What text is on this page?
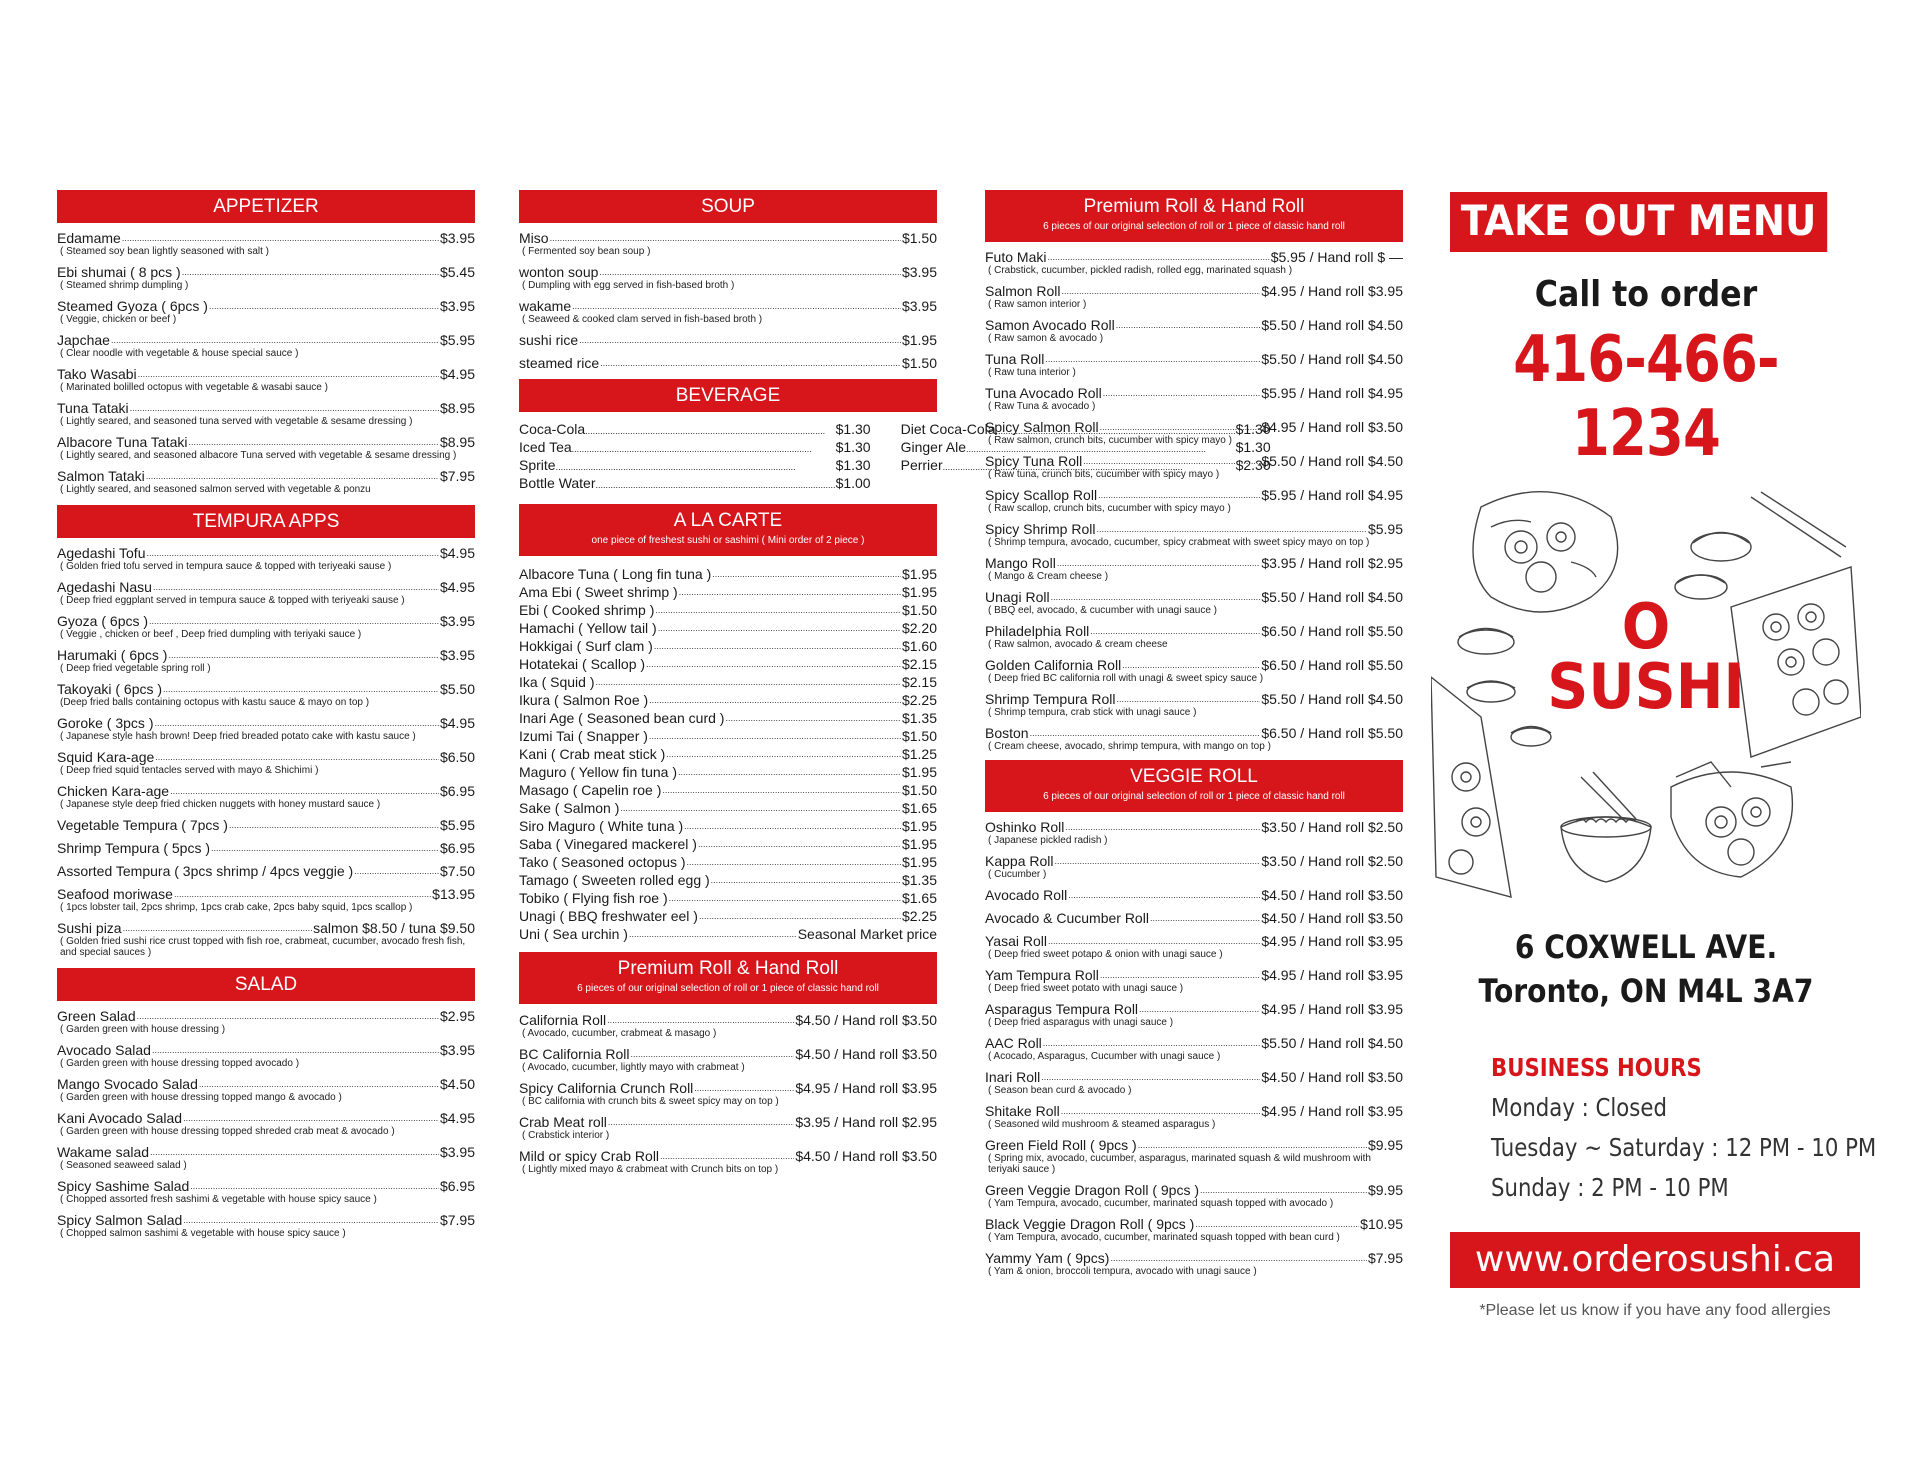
APPETIZER
Edamame .....	$3.95
( Steamed soy bean lightly seasoned with salt )
Ebi shumai ( 8 pcs ) .....	$5.45
( Steamed shrimp dumpling )
Steamed Gyoza ( 6pcs ) .....	$3.95
( Veggie, chicken or beef )
Japchae .....	$5.95
( Clear noodle with vegetable & house special sauce )
Tako Wasabi .....	$4.95
( Marinated bolilled octopus with vegetable & wasabi sauce )
Tuna Tataki .....	$8.95
( Lightly seared, and seasoned tuna served with vegetable & sesame dressing )
Albacore Tuna Tataki .....	$8.95
( Lightly seared, and seasoned albacore Tuna served with vegetable & sesame dressing )
Salmon Tataki .....	$7.95
( Lightly seared, and seasoned salmon served with vegetable & ponzu
TEMPURA APPS
Agedashi Tofu .....	$4.95
( Golden fried tofu served in tempura sauce & topped with teriyeaki sause )
Agedashi Nasu .....	$4.95
( Deep fried eggplant served in tempura sauce & topped with teriyeaki sause )
Gyoza ( 6pcs ) .....	$3.95
( Veggie , chicken or beef , Deep fried dumpling with teriyaki sauce )
Harumaki ( 6pcs ) .....	$3.95
( Deep fried vegetable spring roll )
Takoyaki ( 6pcs ) .....	$5.50
(Deep fried balls containing octopus with kastu sauce & mayo on top )
Goroke ( 3pcs ) .....	$4.95
( Japanese style hash brown! Deep fried breaded potato cake with kastu sauce )
Squid Kara-age .....	$6.50
( Deep fried squid tentacles served with mayo & Shichimi )
Chicken Kara-age .....	$6.95
( Japanese style deep fried chicken nuggets with honey mustard sauce )
Vegetable Tempura ( 7pcs ) .....	$5.95
Shrimp Tempura ( 5pcs ) .....	$6.95
Assorted Tempura ( 3pcs shrimp / 4pcs veggie ) .....	$7.50
Seafood moriwase .....	$13.95
( 1pcs lobster tail, 2pcs shrimp, 1pcs crab cake, 2pcs baby squid, 1pcs scallop )
Sushi piza .....	salmon $8.50 / tuna $9.50
( Golden fried sushi rice crust topped with fish roe, crabmeat, cucumber, avocado fresh fish, and special sauces )
SALAD
Green Salad .....	$2.95
( Garden green with house dressing )
Avocado Salad .....	$3.95
( Garden green with house dressing topped avocado )
Mango Svocado Salad .....	$4.50
( Garden green with house dressing topped mango & avocado )
Kani Avocado Salad .....	$4.95
( Garden green with house dressing topped shreded crab meat & avocado )
Wakame salad .....	$3.95
( Seasoned seaweed salad )
Spicy Sashime Salad .....	$6.95
( Chopped assorted fresh sashimi & vegetable with house spicy sauce )
Spicy Salmon Salad .....	$7.95
( Chopped salmon sashimi & vegetable with house spicy sauce )
SOUP
Miso .....	$1.50
( Fermented soy bean soup )
wonton soup .....	$3.95
( Dumpling with egg served in fish-based broth )
wakame .....	$3.95
( Seaweed & cooked clam served in fish-based broth )
sushi rice .....	$1.95
steamed rice .....	$1.50
BEVERAGE
Coca-Cola .....	$1.30
Iced Tea .....	$1.30
Sprite .....	$1.30
Bottle Water .....	$1.00
Diet Coca-Cola .....	$1.30
Ginger Ale .....	$1.30
Perrier .....	$2.30
A LA CARTE
one piece of freshest sushi or sashimi ( Mini order of 2 piece )
Albacore Tuna ( Long fin tuna ) .....	$1.95
Ama Ebi ( Sweet shrimp ) .....	$1.95
Ebi ( Cooked shrimp ) .....	$1.50
Hamachi ( Yellow tail ) .....	$2.20
Hokkigai ( Surf clam ) .....	$1.60
Hotatekai ( Scallop ) .....	$2.15
Ika ( Squid ) .....	$2.15
Ikura ( Salmon Roe ) .....	$2.25
Inari Age ( Seasoned bean curd ) .....	$1.35
Izumi Tai ( Snapper ) .....	$1.50
Kani ( Crab meat stick ) .....	$1.25
Maguro ( Yellow fin tuna ) .....	$1.95
Masago ( Capelin roe ) .....	$1.50
Sake ( Salmon ) .....	$1.65
Siro Maguro ( White tuna ) .....	$1.95
Saba ( Vinegared mackerel ) .....	$1.95
Tako ( Seasoned octopus ) .....	$1.95
Tamago ( Sweeten rolled egg ) .....	$1.35
Tobiko ( Flying fish roe ) .....	$1.65
Unagi ( BBQ freshwater eel ) .....	$2.25
Uni ( Sea urchin ) .....	Seasonal Market price
Premium Roll & Hand Roll
6 pieces of our original selection of roll or 1 piece of classic hand roll
California Roll .....	$4.50 / Hand roll $3.50
( Avocado, cucumber, crabmeat & masago )
BC California Roll .....	$4.50 / Hand roll $3.50
( Avocado, cucumber, lightly mayo with crabmeat )
Spicy California Crunch Roll .....	$4.95 / Hand roll $3.95
( BC california with crunch bits & sweet spicy may on top )
Crab Meat roll .....	$3.95 / Hand roll $2.95
( Crabstick interior )
Mild or spicy Crab Roll .....	$4.50 / Hand roll $3.50
( Lightly mixed mayo & crabmeat with Crunch bits on top )
Premium Roll & Hand Roll
6 pieces of our original selection of roll or 1 piece of classic hand roll
Futo Maki .....	$5.95 / Hand roll $ —
( Crabstick, cucumber, pickled radish, rolled egg, marinated squash )
Salmon Roll .....	$4.95 / Hand roll $3.95
( Raw samon interior )
Samon Avocado Roll .....	$5.50 / Hand roll $4.50
( Raw samon & avocado )
Tuna Roll .....	$5.50 / Hand roll $4.50
( Raw tuna interior )
Tuna Avocado Roll .....	$5.95 / Hand roll $4.95
( Raw Tuna & avocado )
Spicy Salmon Roll .....	$4.95 / Hand roll $3.50
( Raw salmon, crunch bits, cucumber with spicy mayo )
Spicy Tuna Roll .....	$5.50 / Hand roll $4.50
( Raw tuna, crunch bits, cucumber with spicy mayo )
Spicy Scallop Roll .....	$5.95 / Hand roll $4.95
( Raw scallop, crunch bits, cucumber with spicy mayo )
Spicy Shrimp Roll .....	$5.95
( Shrimp tempura, avocado, cucumber, spicy crabmeat with sweet spicy mayo on top )
Mango Roll .....	$3.95 / Hand roll $2.95
( Mango & Cream cheese )
Unagi Roll .....	$5.50 / Hand roll $4.50
( BBQ eel, avocado, & cucumber with unagi sauce )
Philadelphia Roll .....	$6.50 / Hand roll $5.50
( Raw salmon, avocado & cream cheese
Golden California Roll .....	$6.50 / Hand roll $5.50
( Deep fried BC california roll with unagi & sweet spicy sauce )
Shrimp Tempura Roll .....	$5.50 / Hand roll $4.50
( Shrimp tempura, crab stick with unagi sauce )
Boston .....	$6.50 / Hand roll $5.50
( Cream cheese, avocado, shrimp tempura, with mango on top )
VEGGIE ROLL
6 pieces of our original selection of roll or 1 piece of classic hand roll
Oshinko Roll .....	$3.50 / Hand roll $2.50
( Japanese pickled radish )
Kappa Roll .....	$3.50 / Hand roll $2.50
( Cucumber )
Avocado Roll .....	$4.50 / Hand roll $3.50
Avocado & Cucumber Roll .....	$4.50 / Hand roll $3.50
Yasai Roll .....	$4.95 / Hand roll $3.95
( Deep fried sweet potapo & onion with unagi sauce )
Yam Tempura Roll .....	$4.95 / Hand roll $3.95
( Deep fried sweet potato with unagi sauce )
Asparagus Tempura Roll .....	$4.95 / Hand roll $3.95
( Deep fried asparagus with unagi sauce )
AAC Roll .....	$5.50 / Hand roll $4.50
( Acocado, Asparagus, Cucumber with unagi sauce )
Inari Roll .....	$4.50 / Hand roll $3.50
( Season bean curd & avocado )
Shitake Roll .....	$4.95 / Hand roll $3.95
( Seasoned wild mushroom & steamed asparagus )
Green Field Roll ( 9pcs ) .....	$9.95
( Spring mix, avocado, cucumber, asparagus, marinated squash & wild mushroom with teriyaki sauce )
Green Veggie Dragon Roll ( 9pcs ) .....	$9.95
( Yam Tempura, avocado, cucumber, marinated squash topped with avocado )
Black Veggie Dragon Roll ( 9pcs ) .....	$10.95
( Yam Tempura, avocado, cucumber, marinated squash topped with bean curd )
Yammy Yam ( 9pcs) .....	$7.95
( Yam & onion, broccoli tempura, avocado with unagi sauce )
TAKE OUT MENU
Call to order
416-466-1234
O
SUSHI
6 COXWELL AVE.
Toronto, ON M4L 3A7
BUSINESS HOURS
Monday : Closed
Tuesday ~ Saturday : 12 PM - 10 PM
Sunday : 2 PM - 10 PM
www.orderosushi.ca
*Please let us know if you have any food allergies
